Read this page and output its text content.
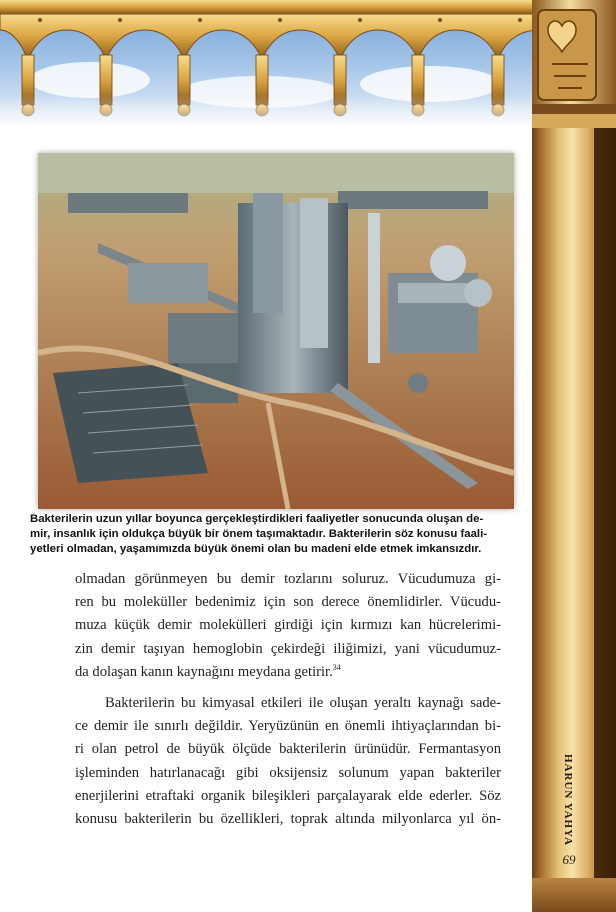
HARUN YAHYA
69
Bakterilerin uzun yıllar boyunca gerçekleştirdikleri faaliyetler sonucunda oluşan de-
mir, insanlık için oldukça büyük bir önem taşımaktadır. Bakterilerin söz konusu faali-
yetleri olmadan, yaşamımızda büyük önemi olan bu madeni elde etmek imkansızdır.
olmadan görünmeyen bu demir tozlarını soluruz. Vücudumuza gi-
ren bu moleküller bedenimiz için son derece önemlidirler. Vücudu-
muza küçük demir molekülleri girdiği için kırmızı kan hücrelerimi-
zin demir taşıyan hemoglobin çekirdeği iliğimizi, yani vücudumuz-
da dolaşan kanın kaynağını meydana getirir.$^{34}$
Bakterilerin bu kimyasal etkileri ile oluşan yeraltı kaynağı sade-
ce demir ile sınırlı değildir. Yeryüzünün en önemli ihtiyaçlarından bi-
ri olan petrol de büyük ölçüde bakterilerin ürünüdür. Fermantasyon
işleminden hatırlanacağı gibi oksijensiz solunum yapan bakteriler
enerjilerini etraftaki organik bileşikleri parçalayarak elde ederler. Söz
konusu bakterilerin bu özellikleri, toprak altında milyonlarca yıl ön-
